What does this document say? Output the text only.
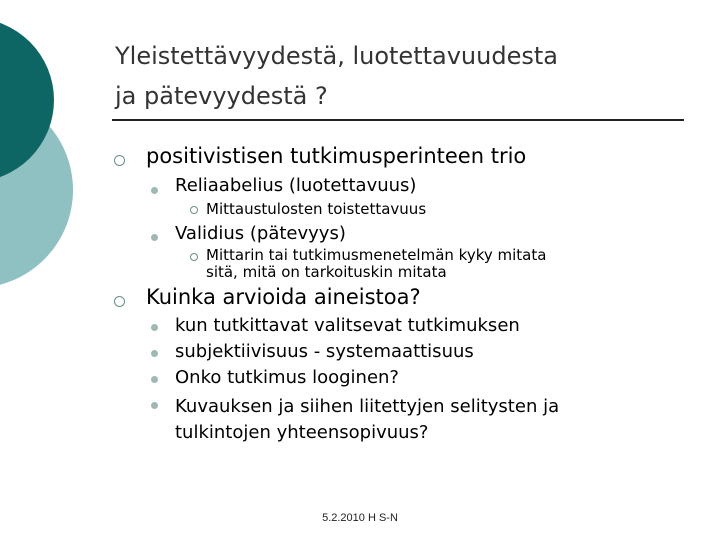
Yleistettävyydestä, luotettavuudesta
ja pätevyydestä ?
positivistisen tutkimusperinteen trio
Reliaabelius (luotettavuus)
Mittaustulosten toistettavuus
Validius (pätevyys)
Mittarin tai tutkimusmenetelmän kyky mitata
sitä, mitä on tarkoituskin mitata
Kuinka arvioida aineistoa?
kun tutkittavat valitsevat tutkimuksen
subjektiivisuus - systemaattisuus
Onko tutkimus looginen?
Kuvauksen ja siihen liitettyjen selitysten ja
tulkintojen yhteensopivuus?
5.2.2010 H S-N
